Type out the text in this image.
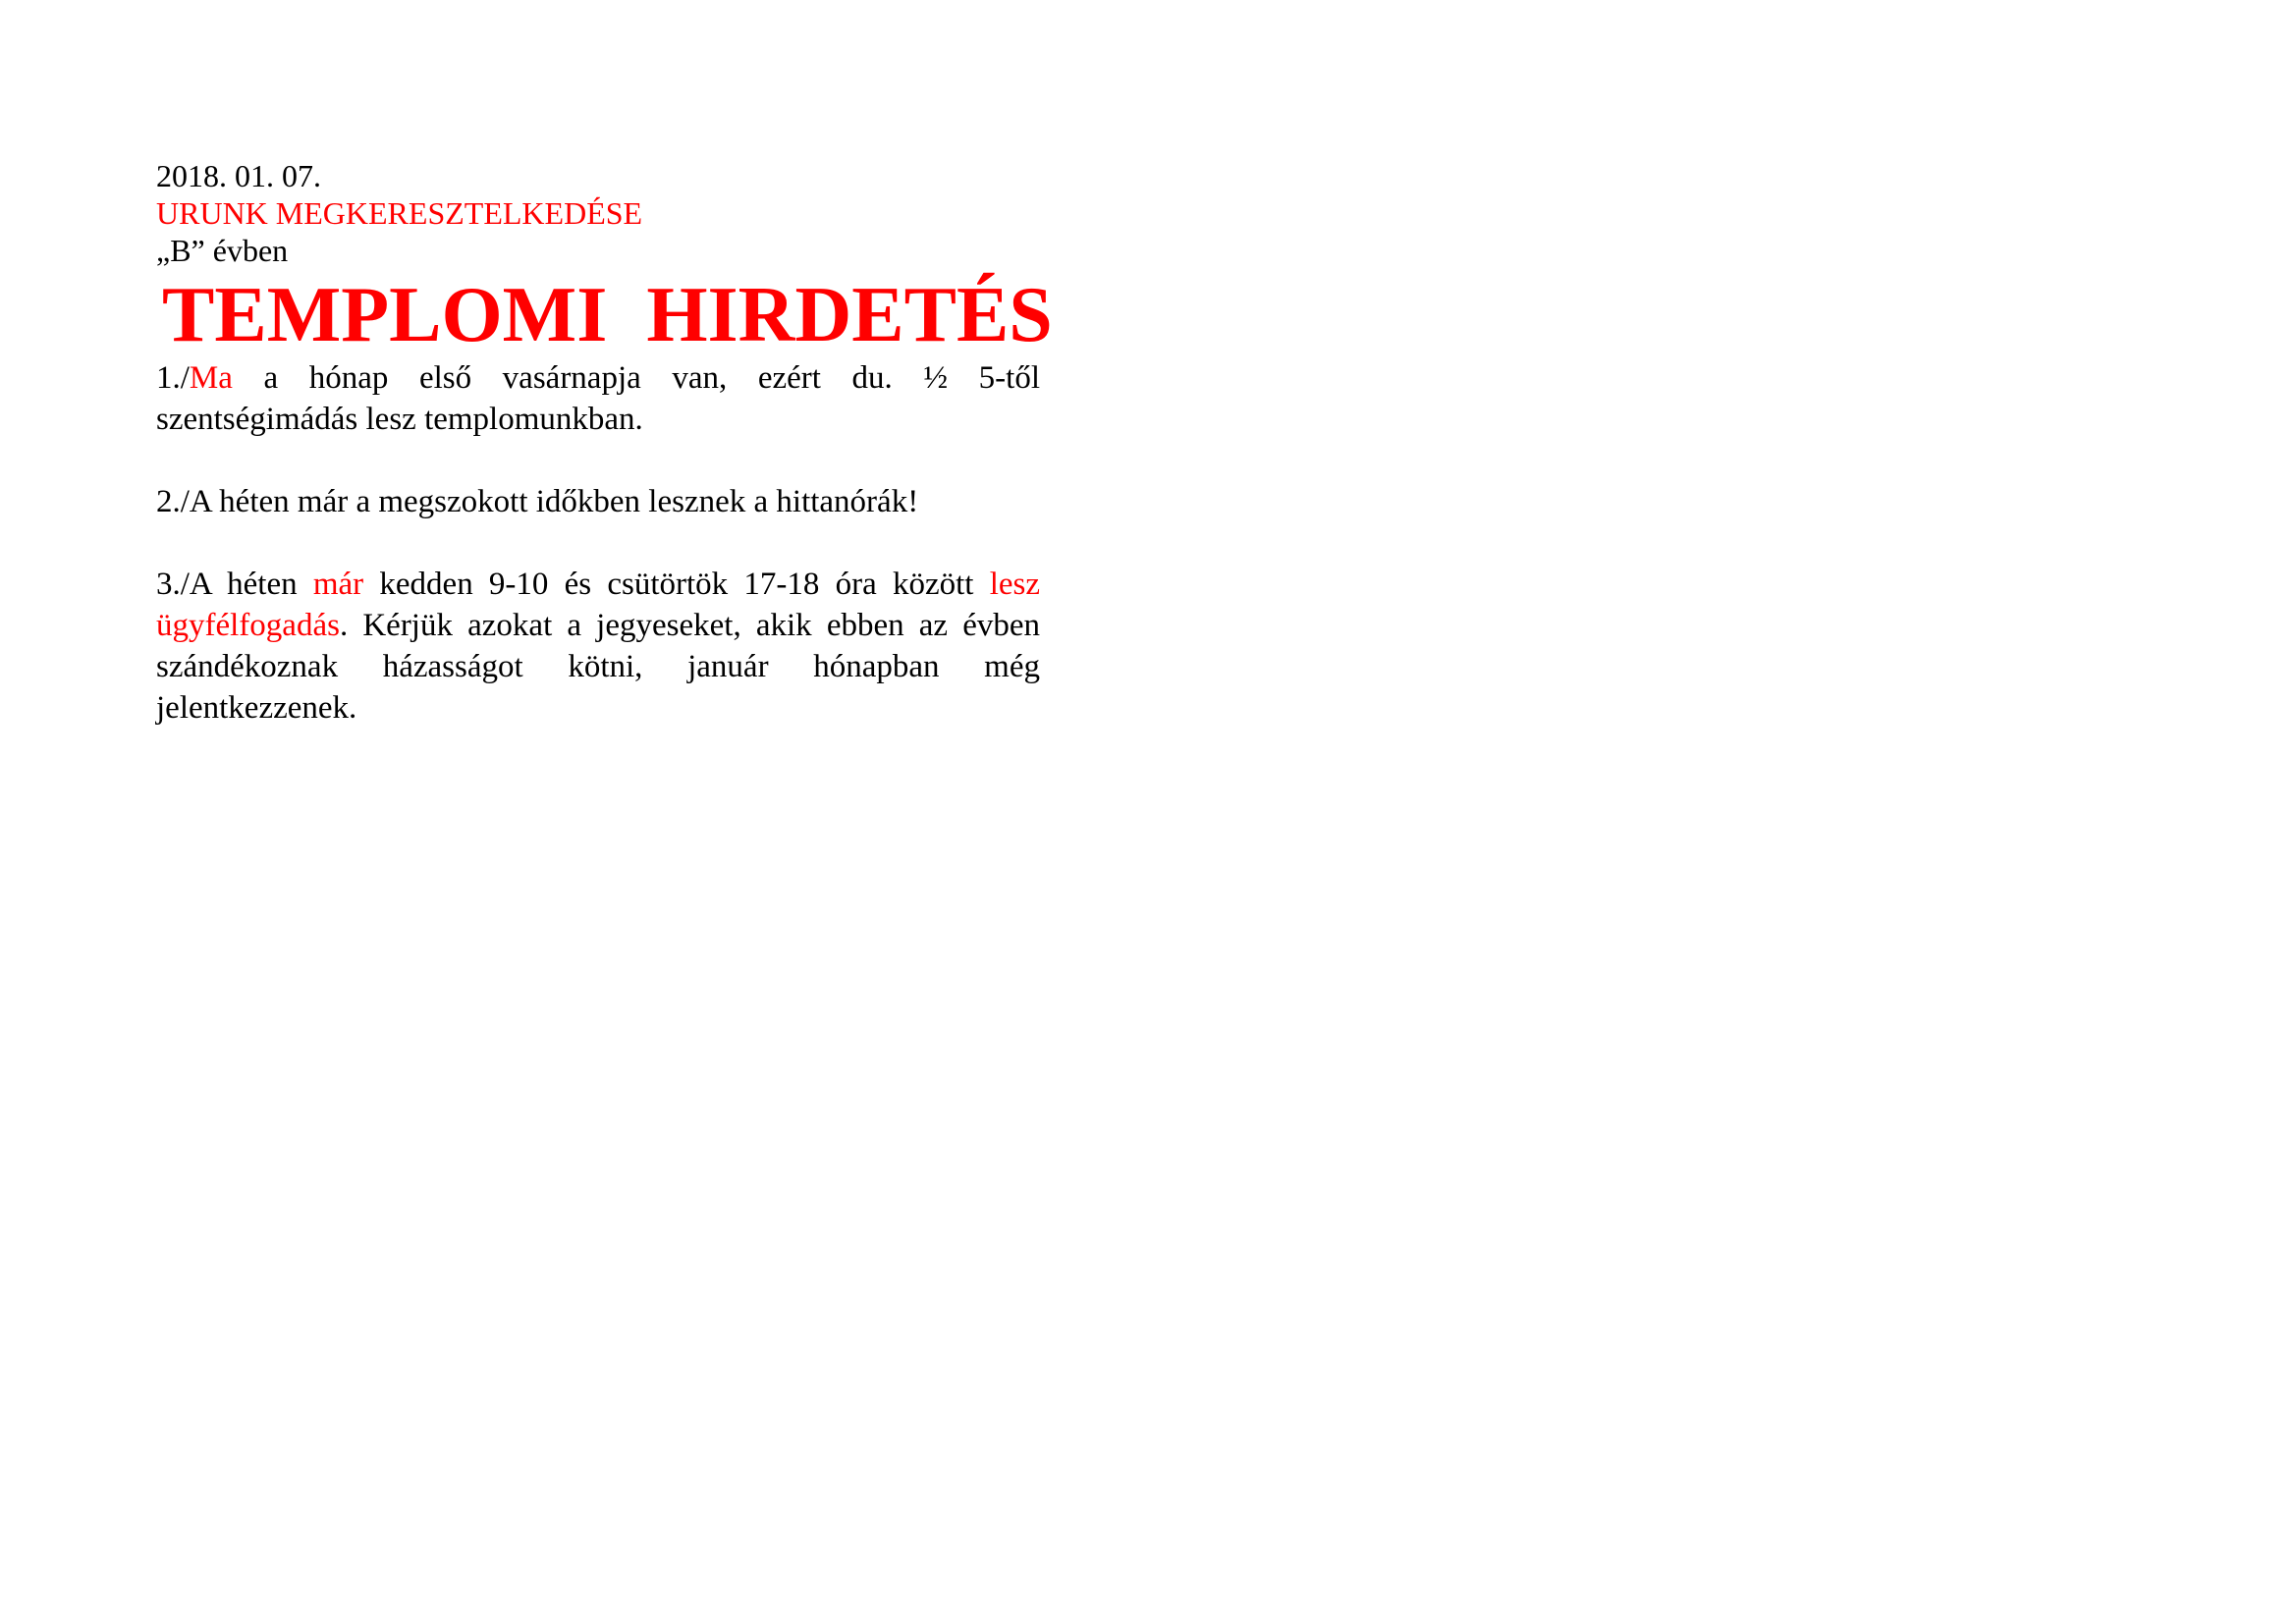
2018. 01. 07.

URUNK MEGKERESZTELKEDÉSE

„B” évben

TEMPLOMI  HIRDETÉS

1./Ma a hónap első vasárnapja van, ezért du. ½ 5-től szentségimádás lesz templomunkban.

2./A héten már a megszokott időkben lesznek a hittanórák!

3./A héten már kedden 9-10 és csütörtök 17-18 óra között lesz ügyfélfogadás. Kérjük azokat a jegyeseket, akik ebben az évben szándékoznak házasságot kötni, január hónapban még jelentkezzenek.
